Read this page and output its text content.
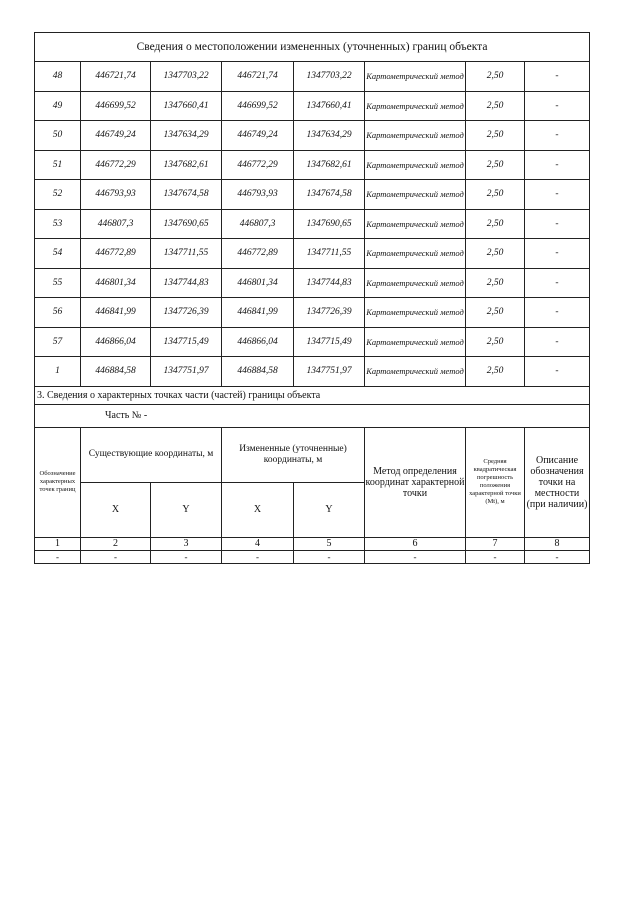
Сведения о местоположении измененных (уточненных) границ объекта							
48	446721,74	1347703,22	446721,74	1347703,22	Картометрический метод	2,50	-
49	446699,52	1347660,41	446699,52	1347660,41	Картометрический метод	2,50	-
50	446749,24	1347634,29	446749,24	1347634,29	Картометрический метод	2,50	-
51	446772,29	1347682,61	446772,29	1347682,61	Картометрический метод	2,50	-
52	446793,93	1347674,58	446793,93	1347674,58	Картометрический метод	2,50	-
53	446807,3	1347690,65	446807,3	1347690,65	Картометрический метод	2,50	-
54	446772,89	1347711,55	446772,89	1347711,55	Картометрический метод	2,50	-
55	446801,34	1347744,83	446801,34	1347744,83	Картометрический метод	2,50	-
56	446841,99	1347726,39	446841,99	1347726,39	Картометрический метод	2,50	-
57	446866,04	1347715,49	446866,04	1347715,49	Картометрический метод	2,50	-
1	446884,58	1347751,97	446884,58	1347751,97	Картометрический метод	2,50	-
3. Сведения о характерных точках части (частей) границы объекта							
Часть № -							
Обозначение характерных точек границ	Существующие координаты, м		Измененные (уточненные) координаты, м		Метод определения координат характерной точки	Средняя квадратическая погрешность положения характерной точки (Mt), м	Описание обозначения точки на местности (при наличии)
	X	Y	X	Y			
1	2	3	4	5	6	7	8
-	-	-	-	-	-	-	-
